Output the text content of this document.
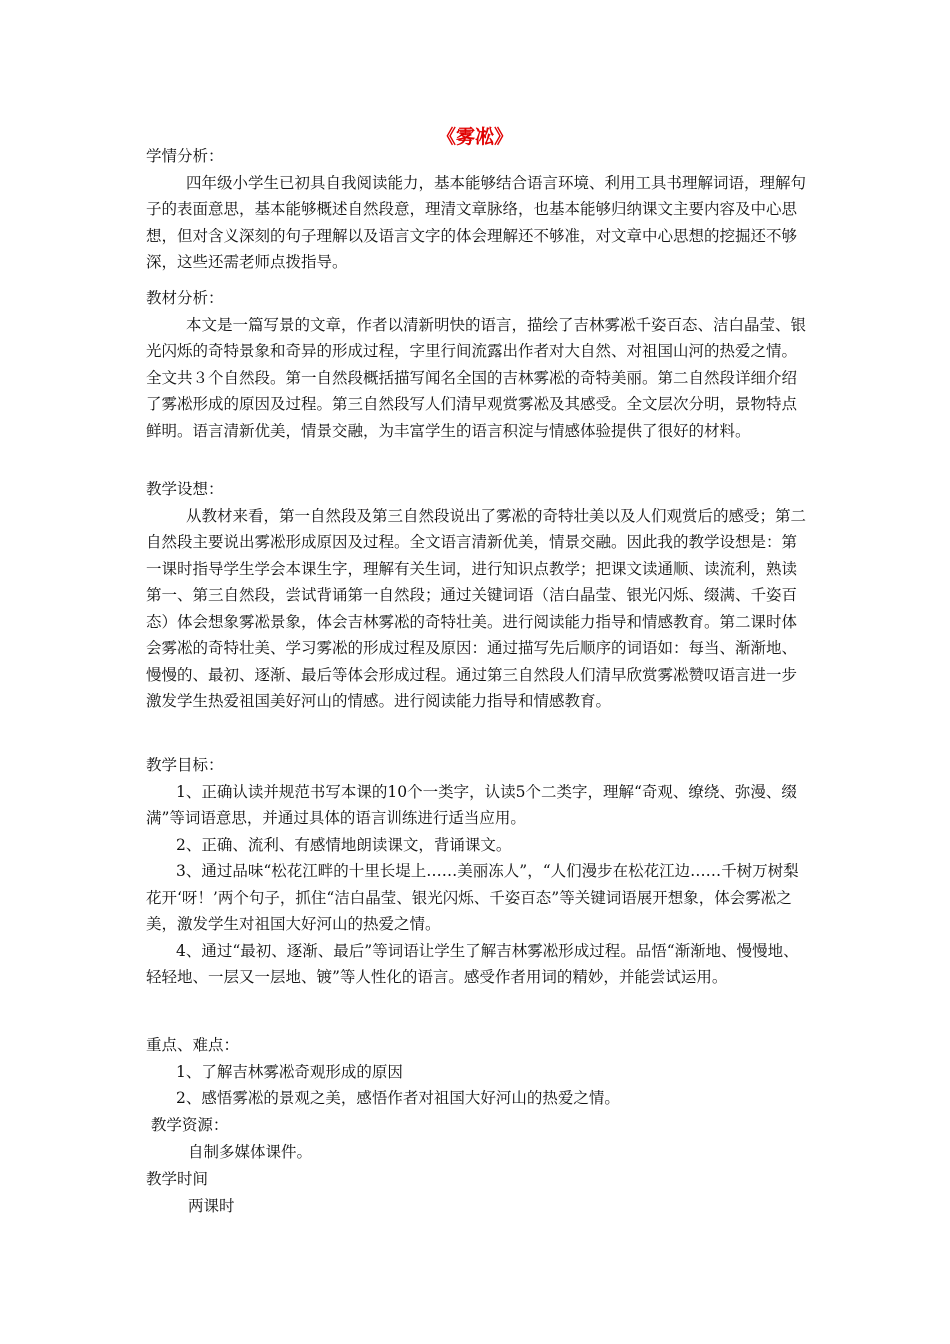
《雾凇》

学情分析：

四年级小学生已初具自我阅读能力，基本能够结合语言环境、利用工具书理解词语，理解句子的表面意思，基本能够概述自然段意，理清文章脉络，也基本能够归纳课文主要内容及中心思想，但对含义深刻的句子理解以及语言文字的体会理解还不够准，对文章中心思想的挖掘还不够深，这些还需老师点拨指导。

教材分析：

本文是一篇写景的文章，作者以清新明快的语言，描绘了吉林雾凇千姿百态、洁白晶莹、银光闪烁的奇特景象和奇异的形成过程，字里行间流露出作者对大自然、对祖国山河的热爱之情。全文共３个自然段。第一自然段概括描写闻名全国的吉林雾凇的奇特美丽。第二自然段详细介绍了雾凇形成的原因及过程。第三自然段写人们清早观赏雾凇及其感受。全文层次分明，景物特点鲜明。语言清新优美，情景交融，为丰富学生的语言积淀与情感体验提供了很好的材料。

教学设想：

从教材来看，第一自然段及第三自然段说出了雾凇的奇特壮美以及人们观赏后的感受；第二自然段主要说出雾凇形成原因及过程。全文语言清新优美，情景交融。因此我的教学设想是：第一课时指导学生学会本课生字，理解有关生词，进行知识点教学；把课文读通顺、读流利，熟读第一、第三自然段，尝试背诵第一自然段；通过关键词语（洁白晶莹、银光闪烁、缀满、千姿百态）体会想象雾凇景象，体会吉林雾凇的奇特壮美。进行阅读能力指导和情感教育。第二课时体会雾凇的奇特壮美、学习雾凇的形成过程及原因：通过描写先后顺序的词语如：每当、渐渐地、慢慢的、最初、逐渐、最后等体会形成过程。通过第三自然段人们清早欣赏雾凇赞叹语言进一步激发学生热爱祖国美好河山的情感。进行阅读能力指导和情感教育。

教学目标：

1、正确认读并规范书写本课的10个一类字，认读5个二类字，理解“奇观、缭绕、弥漫、缀满”等词语意思，并通过具体的语言训练进行适当应用。

2、正确、流利、有感情地朗读课文，背诵课文。

3、通过品味“松花江畔的十里长堤上……美丽冻人”，“人们漫步在松花江边……千树万树梨花开‘呀！’两个句子，抓住“洁白晶莹、银光闪烁、千姿百态”等关键词语展开想象，体会雾凇之美，激发学生对祖国大好河山的热爱之情。

4、通过“最初、逐渐、最后”等词语让学生了解吉林雾凇形成过程。品悟“渐渐地、慢慢地、轻轻地、一层又一层地、镀”等人性化的语言。感受作者用词的精妙，并能尝试运用。

重点、难点：

1、了解吉林雾凇奇观形成的原因

2、感悟雾凇的景观之美，感悟作者对祖国大好河山的热爱之情。

教学资源：

自制多媒体课件。

教学时间

两课时
